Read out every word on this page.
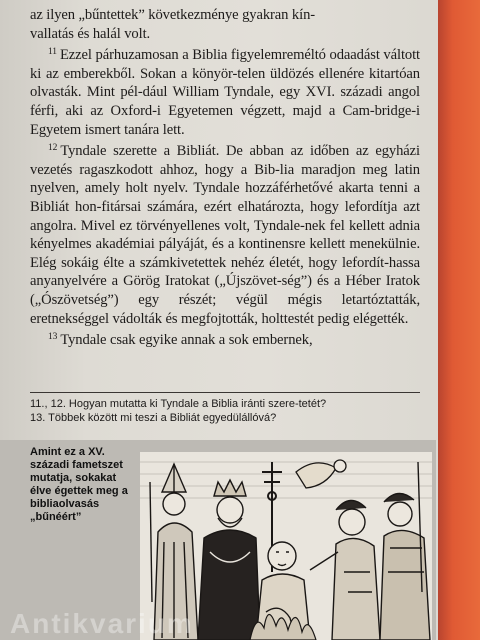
az ilyen „bűntettek” következménye gyakran kín-

vallatás és halál volt.

$^{11}$ Ezzel párhuzamosan a Biblia figyelemreméltó odaadást váltott ki az emberekből. Sokan a könyör-telen üldözés ellenére kitartóan olvasták. Mint pél-dául William Tyndale, egy XVI. századi angol férfi, aki az Oxford-i Egyetemen végzett, majd a Cam-bridge-i Egyetem ismert tanára lett.

$^{12}$ Tyndale szerette a Bibliát. De abban az időben az egyházi vezetés ragaszkodott ahhoz, hogy a Bib-lia maradjon meg latin nyelven, amely holt nyelv. Tyndale hozzáférhetővé akarta tenni a Bibliát hon-fitársai számára, ezért elhatározta, hogy lefordítja azt angolra. Mivel ez törvényellenes volt, Tyndale-nek fel kellett adnia kényelmes akadémiai pályáját, és a kontinensre kellett menekülnie. Elég sokáig élte a számkivetettek nehéz életét, hogy lefordít-hassa anyanyelvére a Görög Iratokat („Újszövet-ség”) és a Héber Iratok („Ószövetség”) egy részét; végül mégis letartóztatták, eretnekséggel vádolták és megfojtották, holttestét pedig elégették.

$^{13}$ Tyndale csak egyike annak a sok embernek,

11., 12. Hogyan mutatta ki Tyndale a Biblia iránti szere-tetét?

13. Többek között mi teszi a Bibliát egyedülállóvá?

Amint ez a XV. századi fametszet mutatja, sokakat élve égettek meg a bibliaolvasás „bűnéért”
Antikvarium
